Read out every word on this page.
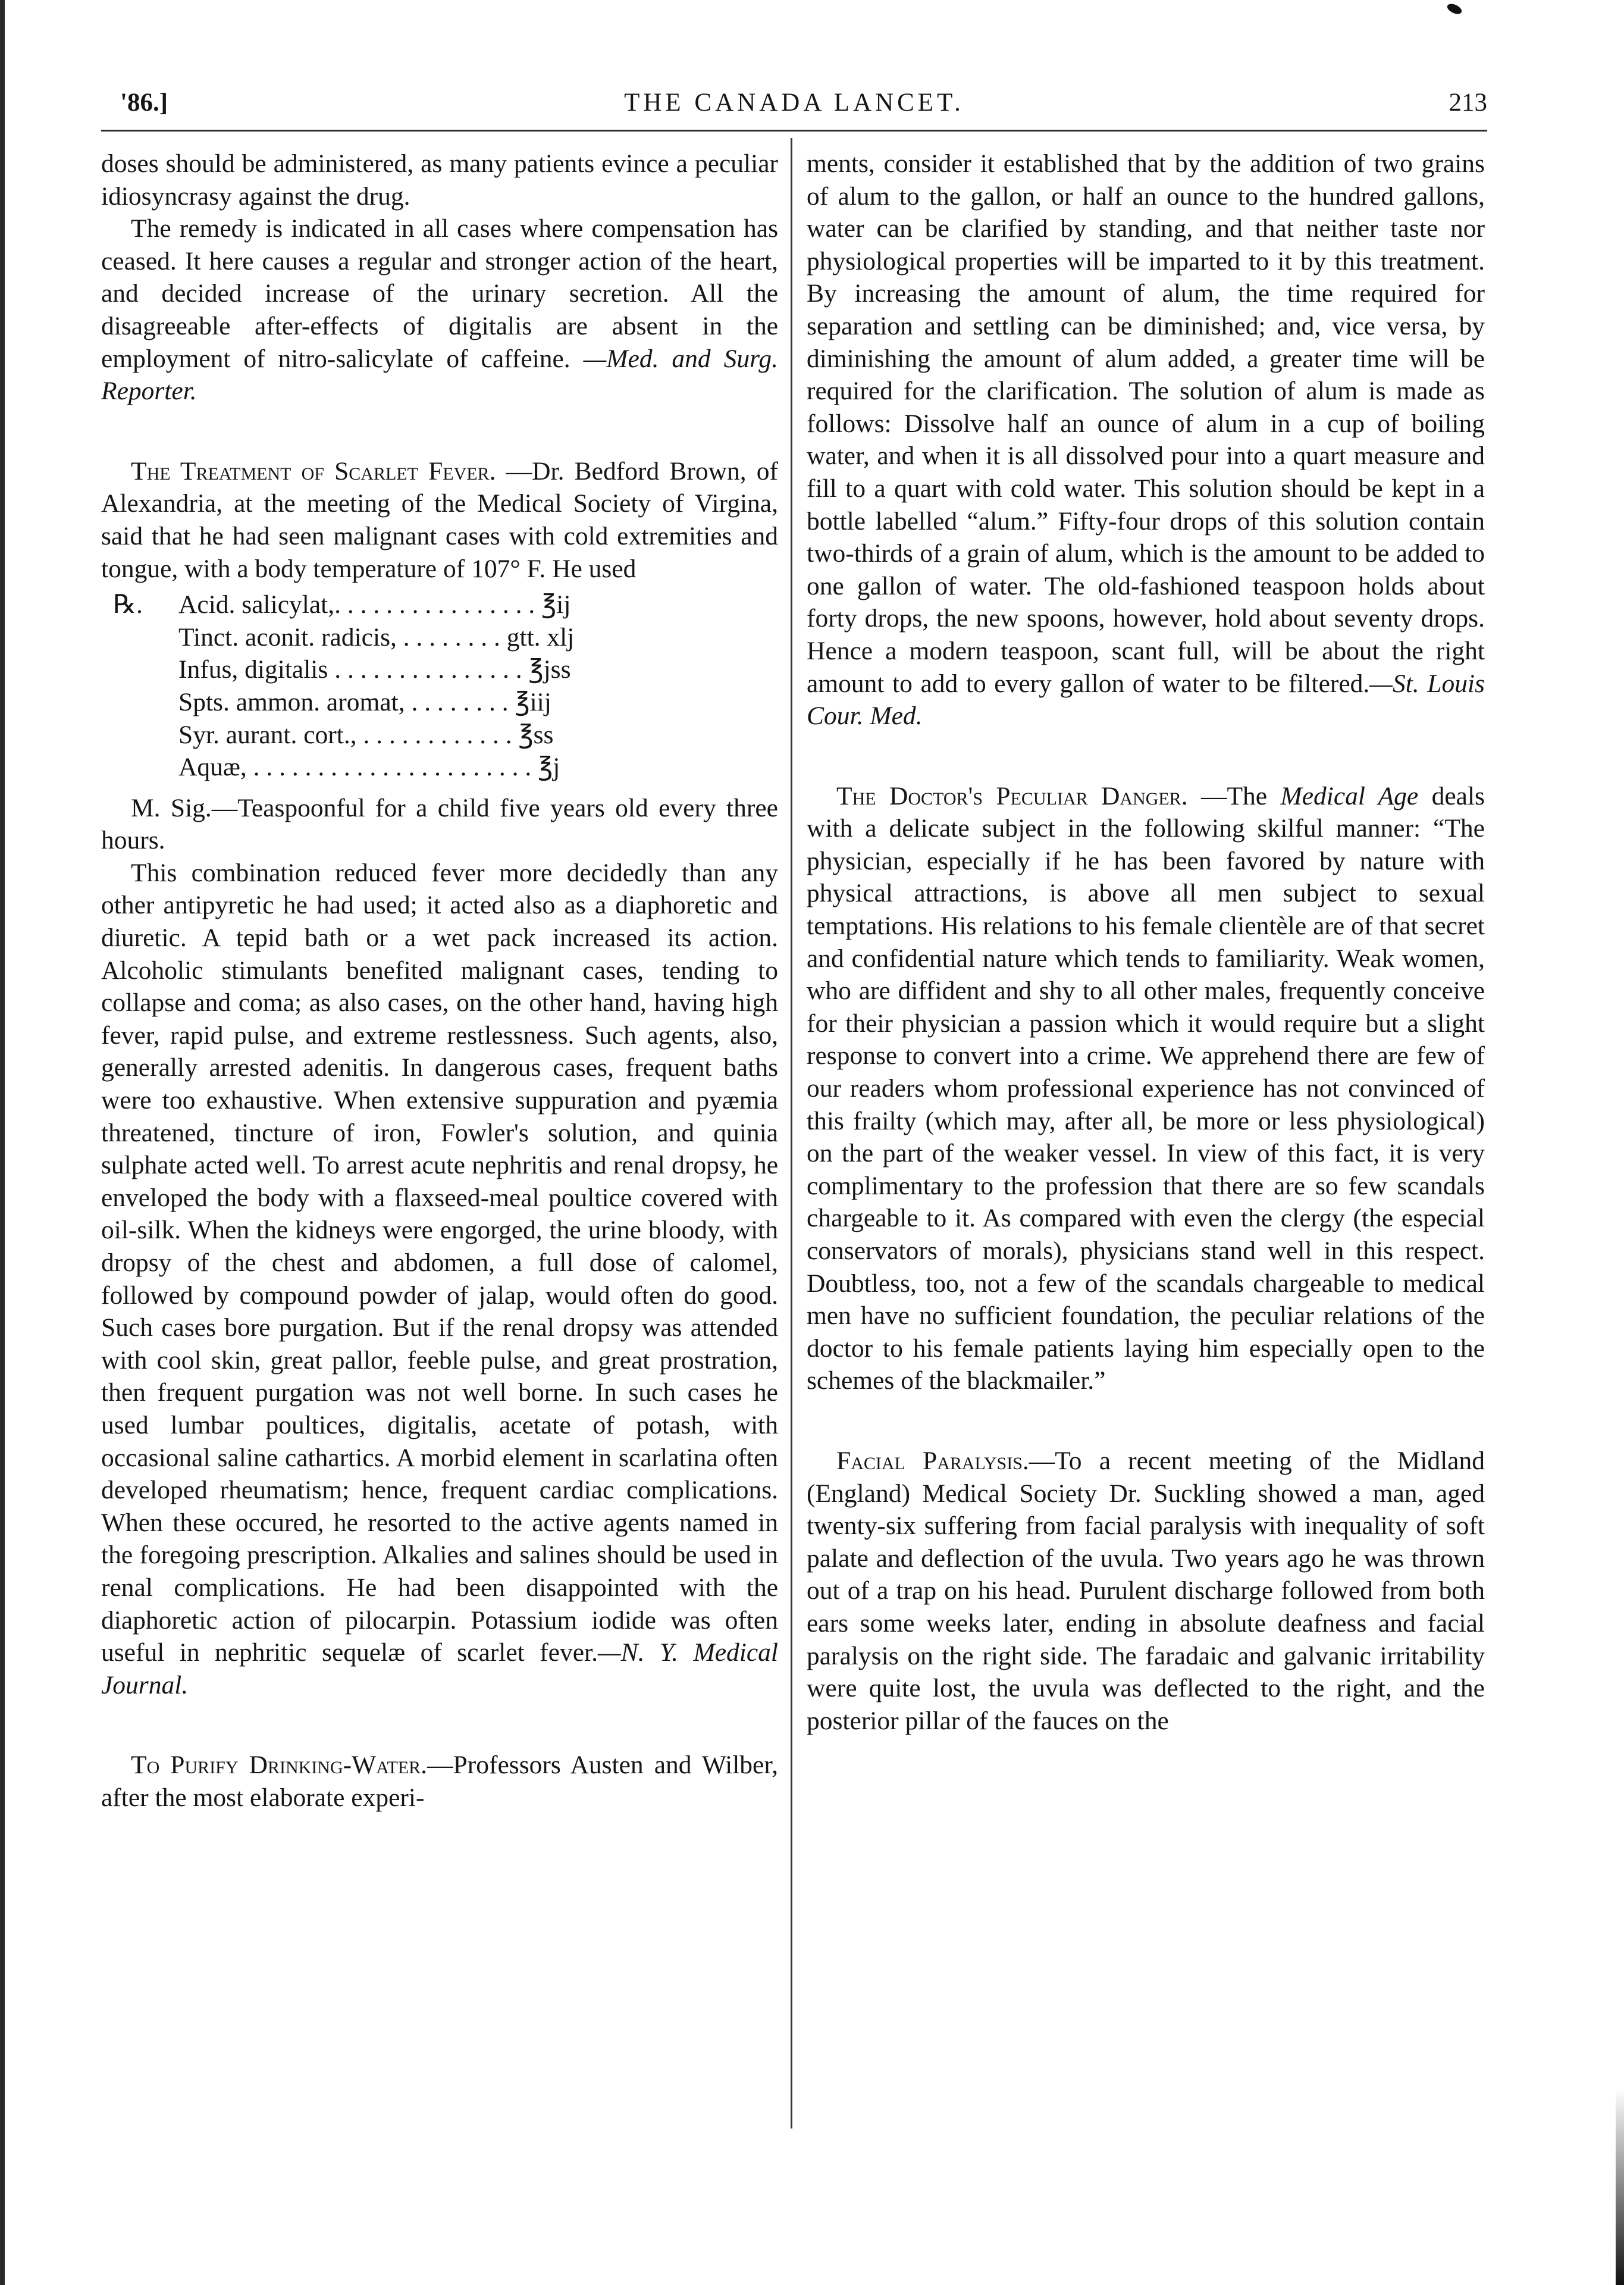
'86.]	THE CANADA LANCET.	213

doses should be administered, as many patients evince a peculiar idiosyncrasy against the drug.

The remedy is indicated in all cases where compensation has ceased. It here causes a regular and stronger action of the heart, and decided increase of the urinary secretion. All the disagreeable after-effects of digitalis are absent in the employment of nitro-salicylate of caffeine. —Med. and Surg. Reporter.

The Treatment of Scarlet Fever. —Dr. Bedford Brown, of Alexandria, at the meeting of the Medical Society of Virgina, said that he had seen malignant cases with cold extremities and tongue, with a body temperature of 107° F. He used

℞. Acid. salicylat,. . . . . . . . . . . . . . . . ℥ij
Tinct. aconit. radicis, . . . . . . . . gtt. xlj
Infus, digitalis . . . . . . . . . . . . . . . ℥jss
Spts. ammon. aromat, . . . . . . . . ℥iij
Syr. aurant. cort., . . . . . . . . . . . . ℥ss
Aquæ, . . . . . . . . . . . . . . . . . . . . . . ℥j

M. Sig.—Teaspoonful for a child five years old every three hours.

This combination reduced fever more decidedly than any other antipyretic he had used; it acted also as a diaphoretic and diuretic. A tepid bath or a wet pack increased its action. Alcoholic stimulants benefited malignant cases, tending to collapse and coma; as also cases, on the other hand, having high fever, rapid pulse, and extreme restlessness. Such agents, also, generally arrested adenitis. In dangerous cases, frequent baths were too exhaustive. When extensive suppuration and pyæmia threatened, tincture of iron, Fowler's solution, and quinia sulphate acted well. To arrest acute nephritis and renal dropsy, he enveloped the body with a flaxseed-meal poultice covered with oil-silk. When the kidneys were engorged, the urine bloody, with dropsy of the chest and abdomen, a full dose of calomel, followed by compound powder of jalap, would often do good. Such cases bore purgation. But if the renal dropsy was attended with cool skin, great pallor, feeble pulse, and great prostration, then frequent purgation was not well borne. In such cases he used lumbar poultices, digitalis, acetate of potash, with occasional saline cathartics. A morbid element in scarlatina often developed rheumatism; hence, frequent cardiac complications. When these occured, he resorted to the active agents named in the foregoing prescription. Alkalies and salines should be used in renal complications. He had been disappointed with the diaphoretic action of pilocarpin. Potassium iodide was often useful in nephritic sequelæ of scarlet fever.—N. Y. Medical Journal.

To Purify Drinking-Water.—Professors Austen and Wilber, after the most elaborate experi-

ments, consider it established that by the addition of two grains of alum to the gallon, or half an ounce to the hundred gallons, water can be clarified by standing, and that neither taste nor physiological properties will be imparted to it by this treatment. By increasing the amount of alum, the time required for separation and settling can be diminished; and, vice versa, by diminishing the amount of alum added, a greater time will be required for the clarification. The solution of alum is made as follows: Dissolve half an ounce of alum in a cup of boiling water, and when it is all dissolved pour into a quart measure and fill to a quart with cold water. This solution should be kept in a bottle labelled “alum.” Fifty-four drops of this solution contain two-thirds of a grain of alum, which is the amount to be added to one gallon of water. The old-fashioned teaspoon holds about forty drops, the new spoons, however, hold about seventy drops. Hence a modern teaspoon, scant full, will be about the right amount to add to every gallon of water to be filtered.—St. Louis Cour. Med.

The Doctor's Peculiar Danger. —The Medical Age deals with a delicate subject in the following skilful manner: “The physician, especially if he has been favored by nature with physical attractions, is above all men subject to sexual temptations. His relations to his female clientèle are of that secret and confidential nature which tends to familiarity. Weak women, who are diffident and shy to all other males, frequently conceive for their physician a passion which it would require but a slight response to convert into a crime. We apprehend there are few of our readers whom professional experience has not convinced of this frailty (which may, after all, be more or less physiological) on the part of the weaker vessel. In view of this fact, it is very complimentary to the profession that there are so few scandals chargeable to it. As compared with even the clergy (the especial conservators of morals), physicians stand well in this respect. Doubtless, too, not a few of the scandals chargeable to medical men have no sufficient foundation, the peculiar relations of the doctor to his female patients laying him especially open to the schemes of the blackmailer.”

Facial Paralysis.—To a recent meeting of the Midland (England) Medical Society Dr. Suckling showed a man, aged twenty-six suffering from facial paralysis with inequality of soft palate and deflection of the uvula. Two years ago he was thrown out of a trap on his head. Purulent discharge followed from both ears some weeks later, ending in absolute deafness and facial paralysis on the right side. The faradaic and galvanic irritability were quite lost, the uvula was deflected to the right, and the posterior pillar of the fauces on the
